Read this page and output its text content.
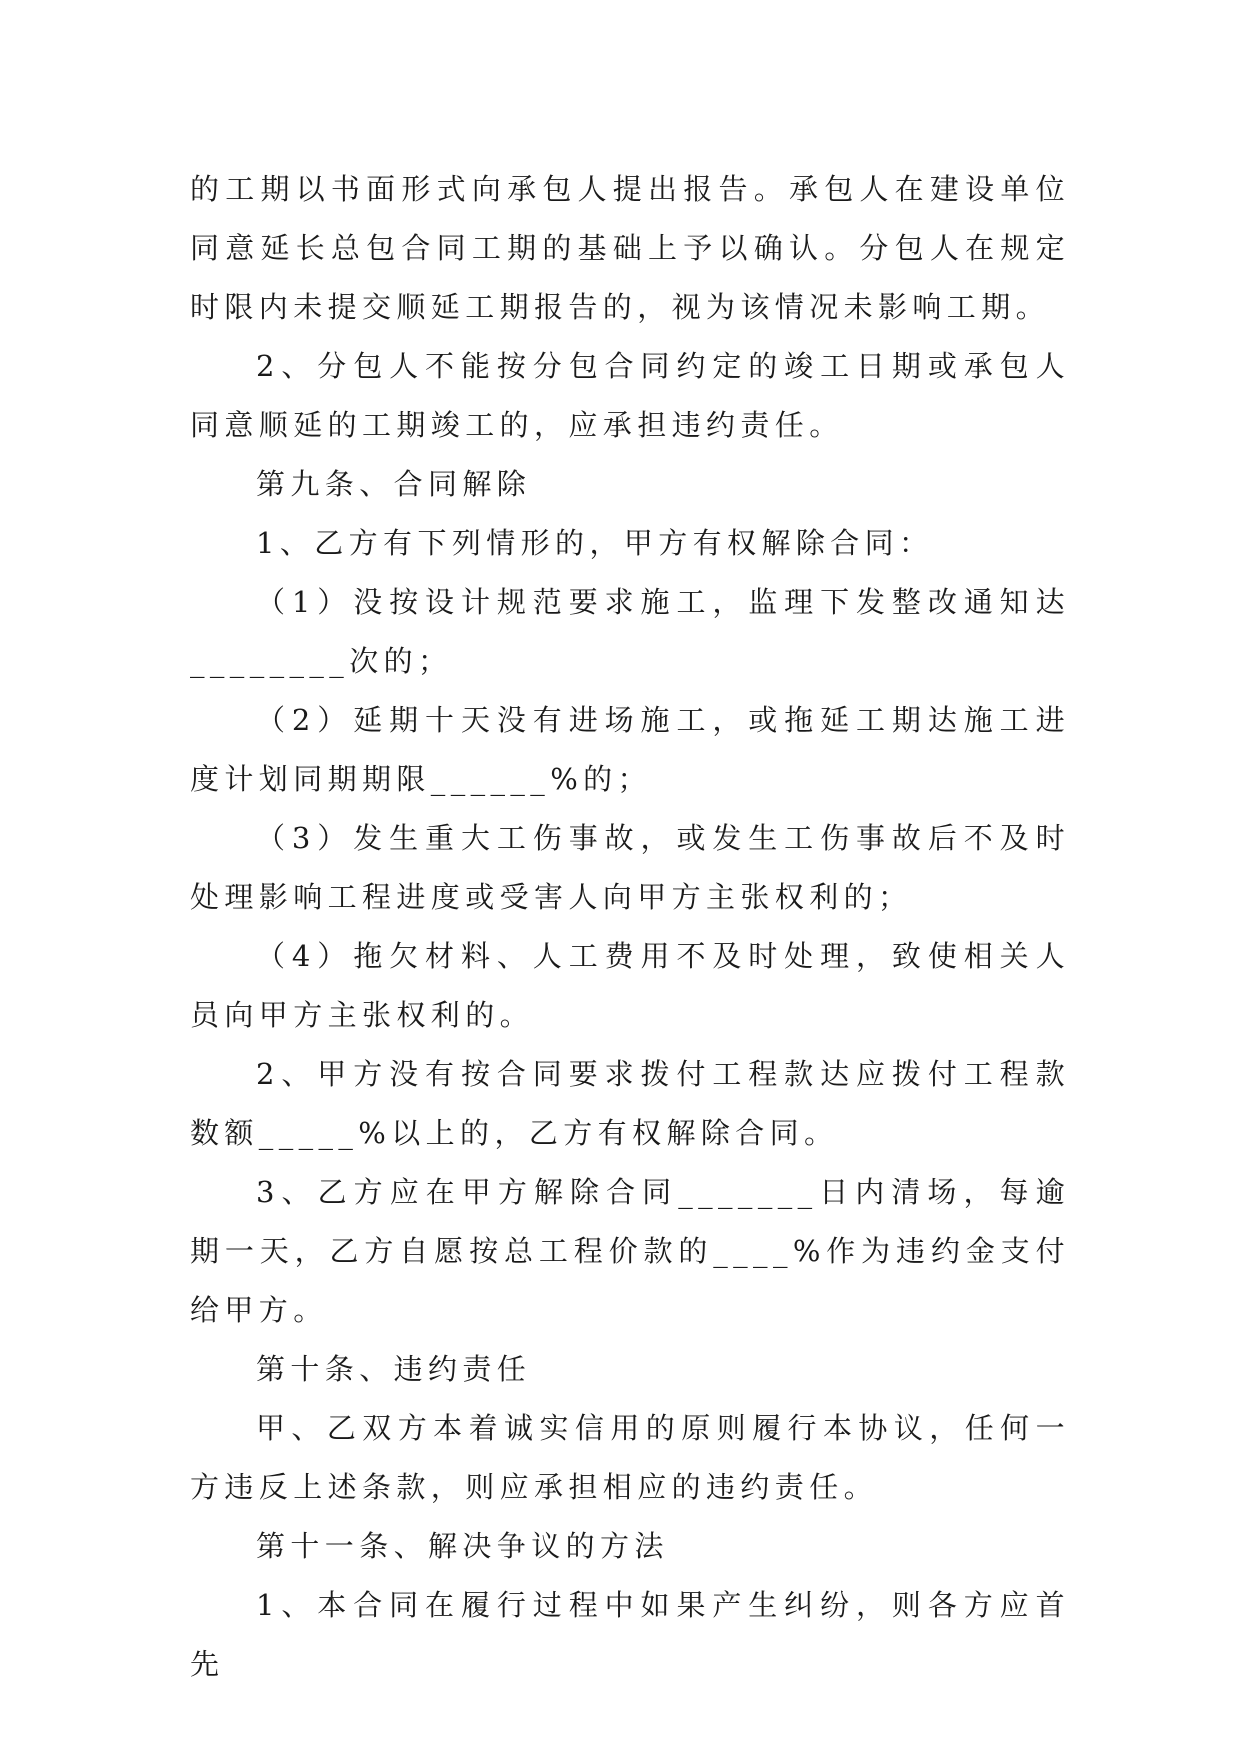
的工期以书面形式向承包人提出报告。承包人在建设单位同意延长总包合同工期的基础上予以确认。分包人在规定时限内未提交顺延工期报告的，视为该情况未影响工期。

2、分包人不能按分包合同约定的竣工日期或承包人同意顺延的工期竣工的，应承担违约责任。

第九条、合同解除

1、乙方有下列情形的，甲方有权解除合同：

（1）没按设计规范要求施工，监理下发整改通知达________次的；

（2）延期十天没有进场施工，或拖延工期达施工进度计划同期期限______%的；

（3）发生重大工伤事故，或发生工伤事故后不及时处理影响工程进度或受害人向甲方主张权利的；

（4）拖欠材料、人工费用不及时处理，致使相关人员向甲方主张权利的。

2、甲方没有按合同要求拨付工程款达应拨付工程款数额_____%以上的，乙方有权解除合同。

3、乙方应在甲方解除合同_______日内清场，每逾期一天，乙方自愿按总工程价款的____%作为违约金支付给甲方。

第十条、违约责任

甲、乙双方本着诚实信用的原则履行本协议，任何一方违反上述条款，则应承担相应的违约责任。

第十一条、解决争议的方法

1、本合同在履行过程中如果产生纠纷，则各方应首先
